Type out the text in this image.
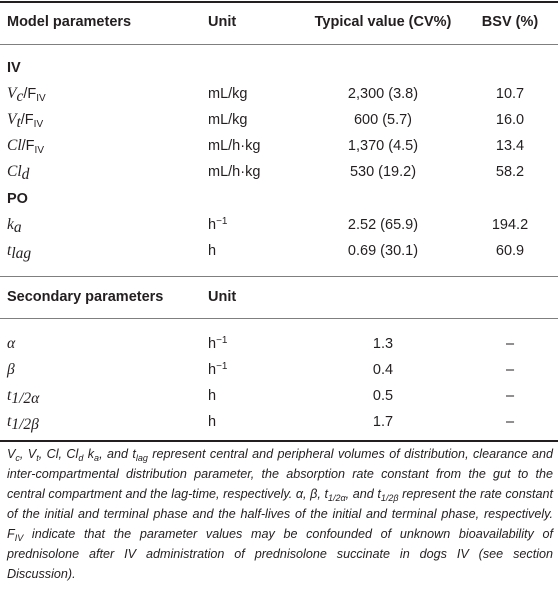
Model parameters	Unit	Typical value (CV%)	BSV (%)
IV
$V_c/F_{IV}$	mL/kg	2,300 (3.8)	10.7
$V_t/F_{IV}$	mL/kg	600 (5.7)	16.0
$Cl/F_{IV}$	mL/h·kg	1,370 (4.5)	13.4
$Cl_d$	mL/h·kg	530 (19.2)	58.2
PO
$k_a$	$h^{-1}$	2.52 (65.9)	194.2
$t_{lag}$	h	0.69 (30.1)	60.9
Secondary parameters	Unit
α	$h^{-1}$	1.3	–
β	$h^{-1}$	0.4	–
$t_{1/2\alpha}$	h	0.5	–
$t_{1/2\beta}$	h	1.7	–
$V_c$, $V_t$, Cl, $Cl_d$ $k_a$, and $t_{lag}$ represent central and peripheral volumes of distribution, clearance and inter-compartmental distribution parameter, the absorption rate constant from the gut to the central compartment and the lag-time, respectively. α, β, $t_{1/2\alpha}$, and $t_{1/2\beta}$ represent the rate constant of the initial and terminal phase and the half-lives of the initial and terminal phase, respectively. $F_{IV}$ indicate that the parameter values may be confounded of unknown bioavailability of prednisolone after IV administration of prednisolone succinate in dogs IV (see section Discussion).
